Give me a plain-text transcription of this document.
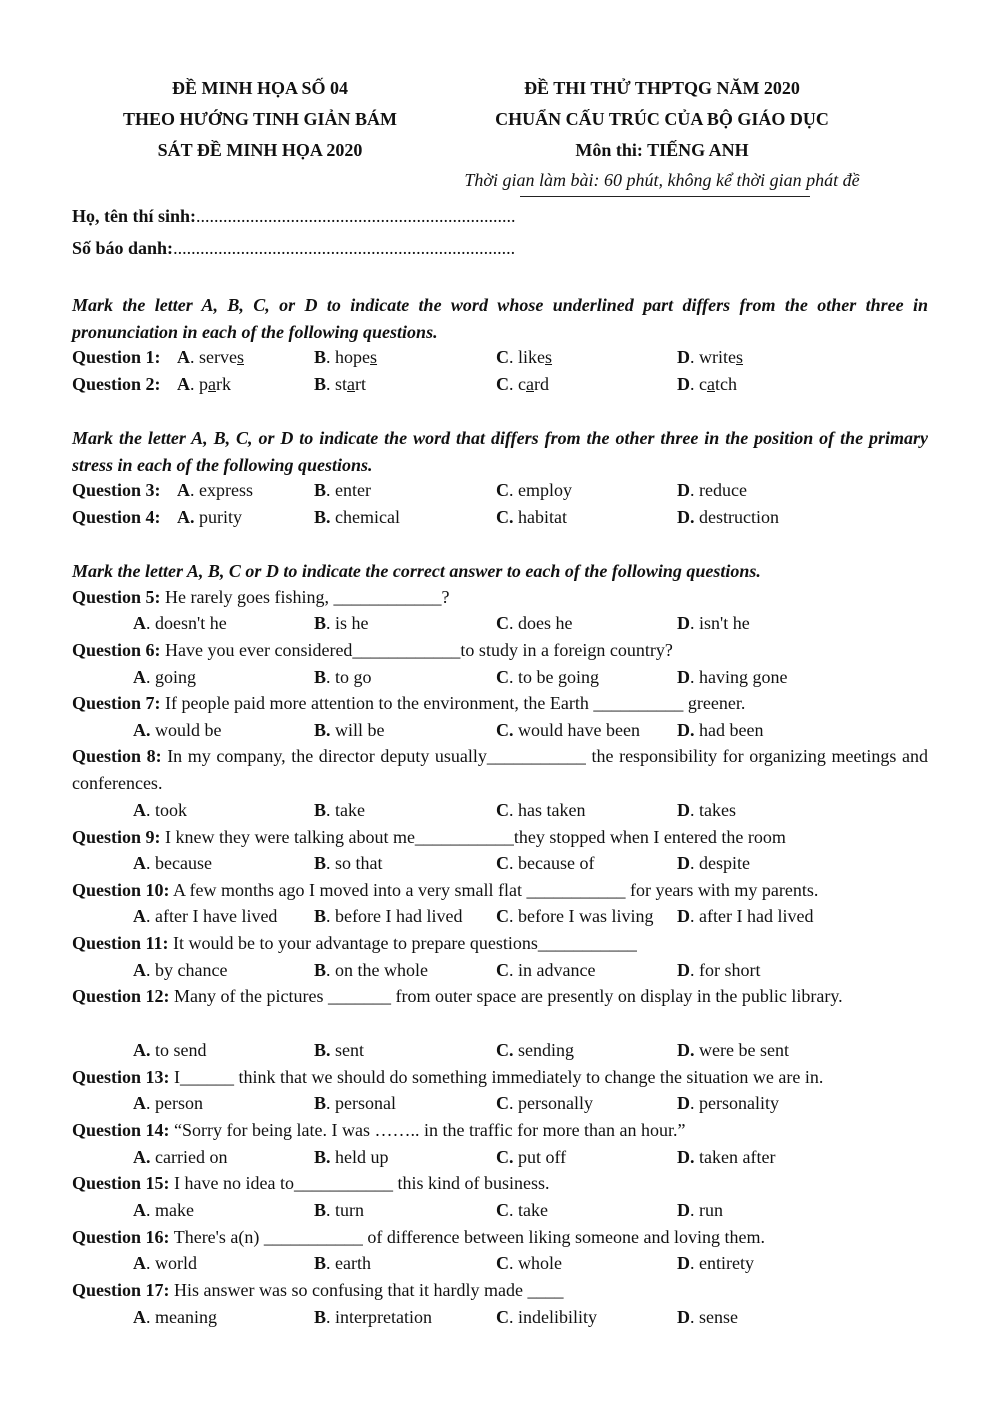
ĐỀ MINH HỌA SỐ 04
THEO HƯỚNG TINH GIẢN BÁM
SÁT ĐỀ MINH HỌA 2020
ĐỀ THI THỬ THPTQG NĂM 2020
CHUẨN CẤU TRÚC CỦA BỘ GIÁO DỤC
Môn thi: TIẾNG ANH
Thời gian làm bài: 60 phút, không kể thời gian phát đề
Họ, tên thí sinh:.......................................................................
Số báo danh:............................................................................
Mark the letter A, B, C, or D to indicate the word whose underlined part differs from the other three in pronunciation in each of the following questions.
Question 1: A. serves	B. hopes	C. likes	D. writes
Question 2: A. park	B. start	C. card	D. catch
Mark the letter A, B, C, or D to indicate the word that differs from the other three in the position of the primary stress in each of the following questions.
Question 3: A. express	B. enter	C. employ	D. reduce
Question 4: A. purity	B. chemical	C. habitat	D. destruction
Mark the letter A, B, C or D to indicate the correct answer to each of the following questions.
Question 5: He rarely goes fishing, ____________?
A. doesn't he	B. is he	C. does he	D. isn't he
Question 6: Have you ever considered____________to study in a foreign country?
A. going	B. to go	C. to be going	D. having gone
Question 7: If people paid more attention to the environment, the Earth __________ greener.
A. would be	B. will be	C. would have been D. had been
Question 8: In my company, the director deputy usually___________ the responsibility for organizing meetings and conferences.
A. took	B. take	C. has taken	D. takes
Question 9: I knew they were talking about me___________they stopped when I entered the room
A. because	B. so that	C. because of	D. despite
Question 10: A few months ago I moved into a very small flat ___________ for years with my parents.
A. after I have lived B. before I had lived C. before I was living D. after I had lived
Question 11: It would be to your advantage to prepare questions___________
A. by chance	B. on the whole	C. in advance	D. for short
Question 12: Many of the pictures _______ from outer space are presently on display in the public library.
A. to send	B. sent	C. sending	D. were be sent
Question 13: I______ think that we should do something immediately to change the situation we are in.
A. person	B. personal	C. personally	D. personality
Question 14: “Sorry for being late. I was …….. in the traffic for more than an hour.”
A. carried on	B. held up	C. put off	D. taken after
Question 15: I have no idea to___________ this kind of business.
A. make	B. turn	C. take	D. run
Question 16: There's a(n) ___________ of difference between liking someone and loving them.
A. world	B. earth	C. whole	D. entirety
Question 17: His answer was so confusing that it hardly made ____
A. meaning	B. interpretation	C. indelibility	D. sense
